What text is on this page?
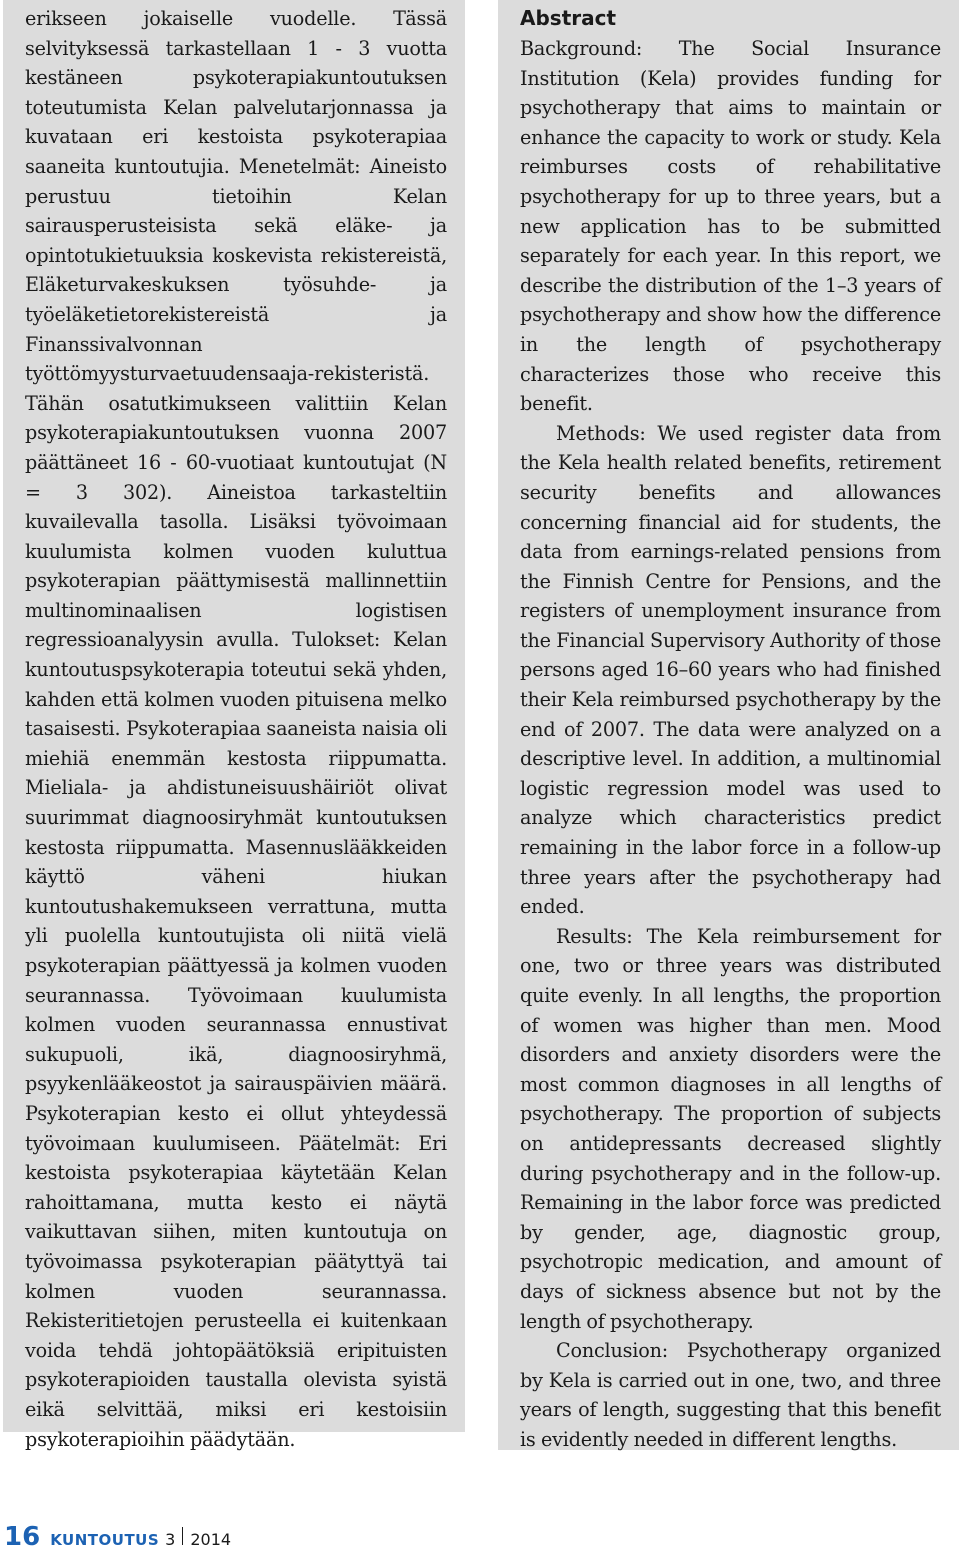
erikseen jokaiselle vuodelle. Tässä selvityksessä tarkastellaan 1 - 3 vuotta kestäneen psykoterapiakuntoutuksen toteutumista Kelan palvelutarjonnassa ja kuvataan eri kestoista psykoterapiaa saaneita kuntoutujia. Menetelmät: Aineisto perustuu tietoihin Kelan sairausperusteisista sekä eläke- ja opintotukietuuksia koskevista rekistereistä, Eläketurvakeskuksen työsuhde- ja työeläketietorekistereistä ja Finanssivalvonnan työttömyysturvaetuudensaaja-rekisteristä. Tähän osatutkimukseen valittiin Kelan psykoterapiakuntoutuksen vuonna 2007 päättäneet 16 - 60-vuotiaat kuntoutujat (N = 3 302). Aineistoa tarkasteltiin kuvailevalla tasolla. Lisäksi työvoimaan kuulumista kolmen vuoden kuluttua psykoterapian päättymisestä mallinnettiin multinominaalisen logistisen regressioanalyysin avulla. Tulokset: Kelan kuntoutuspsykoterapia toteutui sekä yhden, kahden että kolmen vuoden pituisena melko tasaisesti. Psykoterapiaa saaneista naisia oli miehiä enemmän kestosta riippumatta. Mieliala- ja ahdistuneisuushäiriöt olivat suurimmat diagnoosiryhmät kuntoutuksen kestosta riippumatta. Masennuslääkkeiden käyttö väheni hiukan kuntoutushakemukseen verrattuna, mutta yli puolella kuntoutujista oli niitä vielä psykoterapian päättyessä ja kolmen vuoden seurannassa. Työvoimaan kuulumista kolmen vuoden seurannassa ennustivat sukupuoli, ikä, diagnoosiryhmä, psyykenlääkeostot ja sairauspäivien määrä. Psykoterapian kesto ei ollut yhteydessä työvoimaan kuulumiseen. Päätelmät: Eri kestoista psykoterapiaa käytetään Kelan rahoittamana, mutta kesto ei näytä vaikuttavan siihen, miten kuntoutuja on työvoimassa psykoterapian päätyttyä tai kolmen vuoden seurannassa. Rekisteritietojen perusteella ei kuitenkaan voida tehdä johtopäätöksiä eripituisten psykoterapioiden taustalla olevista syistä eikä selvittää, miksi eri kestoisiin psykoterapioihin päädytään.

Abstract

Background: The Social Insurance Institution (Kela) provides funding for psychotherapy that aims to maintain or enhance the capacity to work or study. Kela reimburses costs of rehabilitative psychotherapy for up to three years, but a new application has to be submitted separately for each year. In this report, we describe the distribution of the 1–3 years of psychotherapy and show how the difference in the length of psychotherapy characterizes those who receive this benefit.

Methods: We used register data from the Kela health related benefits, retirement security benefits and allowances concerning financial aid for students, the data from earnings-related pensions from the Finnish Centre for Pensions, and the registers of unemployment insurance from the Financial Supervisory Authority of those persons aged 16–60 years who had finished their Kela reimbursed psychotherapy by the end of 2007. The data were analyzed on a descriptive level. In addition, a multinomial logistic regression model was used to analyze which characteristics predict remaining in the labor force in a follow-up three years after the psychotherapy had ended.

Results: The Kela reimbursement for one, two or three years was distributed quite evenly. In all lengths, the proportion of women was higher than men. Mood disorders and anxiety disorders were the most common diagnoses in all lengths of psychotherapy. The proportion of subjects on antidepressants decreased slightly during psychotherapy and in the follow-up. Remaining in the labor force was predicted by gender, age, diagnostic group, psychotropic medication, and amount of days of sickness absence but not by the length of psychotherapy.

Conclusion: Psychotherapy organized by Kela is carried out in one, two, and three years of length, suggesting that this benefit is evidently needed in different lengths.

16 KUNTOUTUS 3 2014
